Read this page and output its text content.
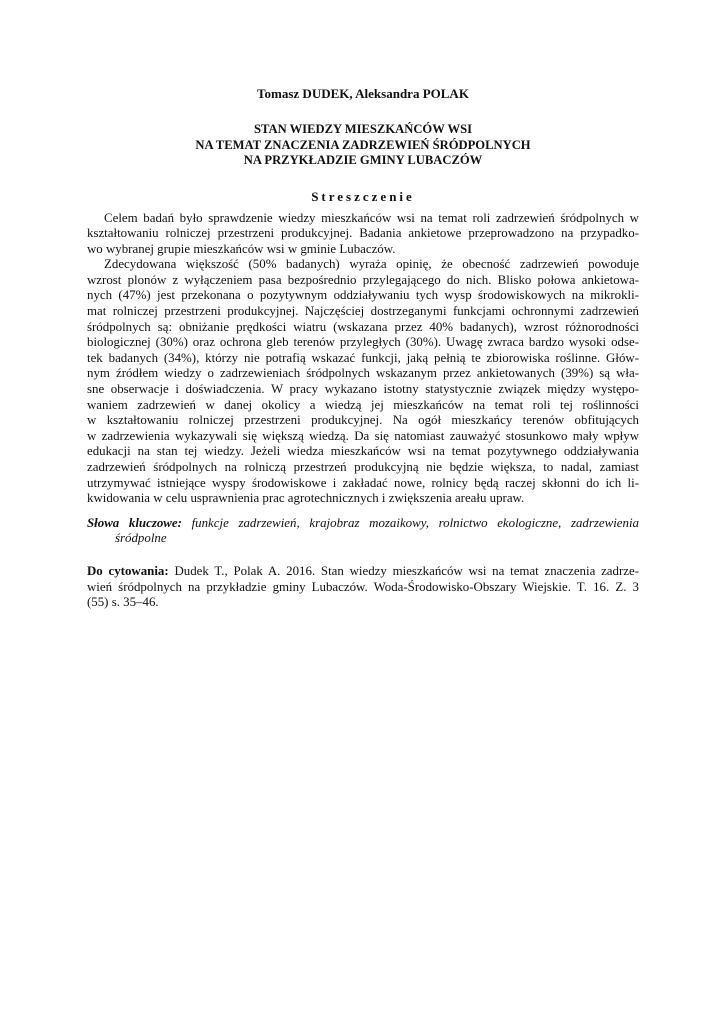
Tomasz DUDEK, Aleksandra POLAK
STAN WIEDZY MIESZKAŃCÓW WSI
NA TEMAT ZNACZENIA ZADRZEWIEŃ ŚRÓDPOLNYCH
NA PRZYKŁADZIE GMINY LUBACZÓW
Streszczenie

Celem badań było sprawdzenie wiedzy mieszkańców wsi na temat roli zadrzewień śródpolnych w
kształtowaniu rolniczej przestrzeni produkcyjnej. Badania ankietowe przeprowadzono na przypadko-
wo wybranej grupie mieszkańców wsi w gminie Lubaczów.

Zdecydowana większość (50% badanych) wyraża opinię, że obecność zadrzewień powoduje
wzrost plonów z wyłączeniem pasa bezpośrednio przylegającego do nich. Blisko połowa ankietowa-
nych (47%) jest przekonana o pozytywnym oddziaływaniu tych wysp środowiskowych na mikrokli-
mat rolniczej przestrzeni produkcyjnej. Najczęściej dostrzeganymi funkcjami ochronnymi zadrzewień
śródpolnych są: obniżanie prędkości wiatru (wskazana przez 40% badanych), wzrost różnorodności
biologicznej (30%) oraz ochrona gleb terenów przyległych (30%). Uwagę zwraca bardzo wysoki odse-
tek badanych (34%), którzy nie potrafią wskazać funkcji, jaką pełnią te zbiorowiska roślinne. Głów-
nym źródłem wiedzy o zadrzewieniach śródpolnych wskazanym przez ankietowanych (39%) są wła-
sne obserwacje i doświadczenia. W pracy wykazano istotny statystycznie związek między występo-
waniem zadrzewień w danej okolicy a wiedzą jej mieszkańców na temat roli tej roślinności
w kształtowaniu rolniczej przestrzeni produkcyjnej. Na ogół mieszkańcy terenów obfitujących
w zadrzewienia wykazywali się większą wiedzą. Da się natomiast zauważyć stosunkowo mały wpływ
edukacji na stan tej wiedzy. Jeżeli wiedza mieszkańców wsi na temat pozytywnego oddziaływania
zadrzewień śródpolnych na rolniczą przestrzeń produkcyjną nie będzie większa, to nadal, zamiast
utrzymywać istniejące wyspy środowiskowe i zakładać nowe, rolnicy będą raczej skłonni do ich li-
kwidowania w celu usprawnienia prac agrotechnicznych i zwiększenia areału upraw.

Słowa kluczowe: funkcje zadrzewień, krajobraz mozaikowy, rolnictwo ekologiczne, zadrzewienia
śródpolne
Do cytowania: Dudek T., Polak A. 2016. Stan wiedzy mieszkańców wsi na temat znaczenia zadrze-
wień śródpolnych na przykładzie gminy Lubaczów. Woda-Środowisko-Obszary Wiejskie. T. 16. Z. 3
(55) s. 35–46.
